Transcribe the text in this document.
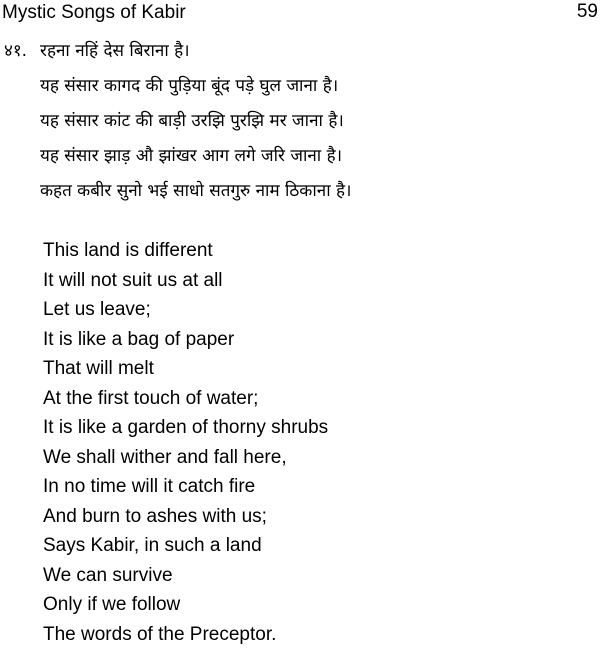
Mystic Songs of Kabir	59
४१. रहना नहिं देस बिराना है।
यह संसार कागद की पुड़िया बूंद पड़े घुल जाना है।
यह संसार कांट की बाड़ी उरझि पुरझि मर जाना है।
यह संसार झाड़ औ झांखर आग लगे जरि जाना है।
कहत कबीर सुनो भई साधो सतगुरु नाम ठिकाना है।
This land is different
It will not suit us at all
Let us leave;
It is like a bag of paper
That will melt
At the first touch of water;
It is like a garden of thorny shrubs
We shall wither and fall here,
In no time will it catch fire
And burn to ashes with us;
Says Kabir, in such a land
We can survive
Only if we follow
The words of the Preceptor.
